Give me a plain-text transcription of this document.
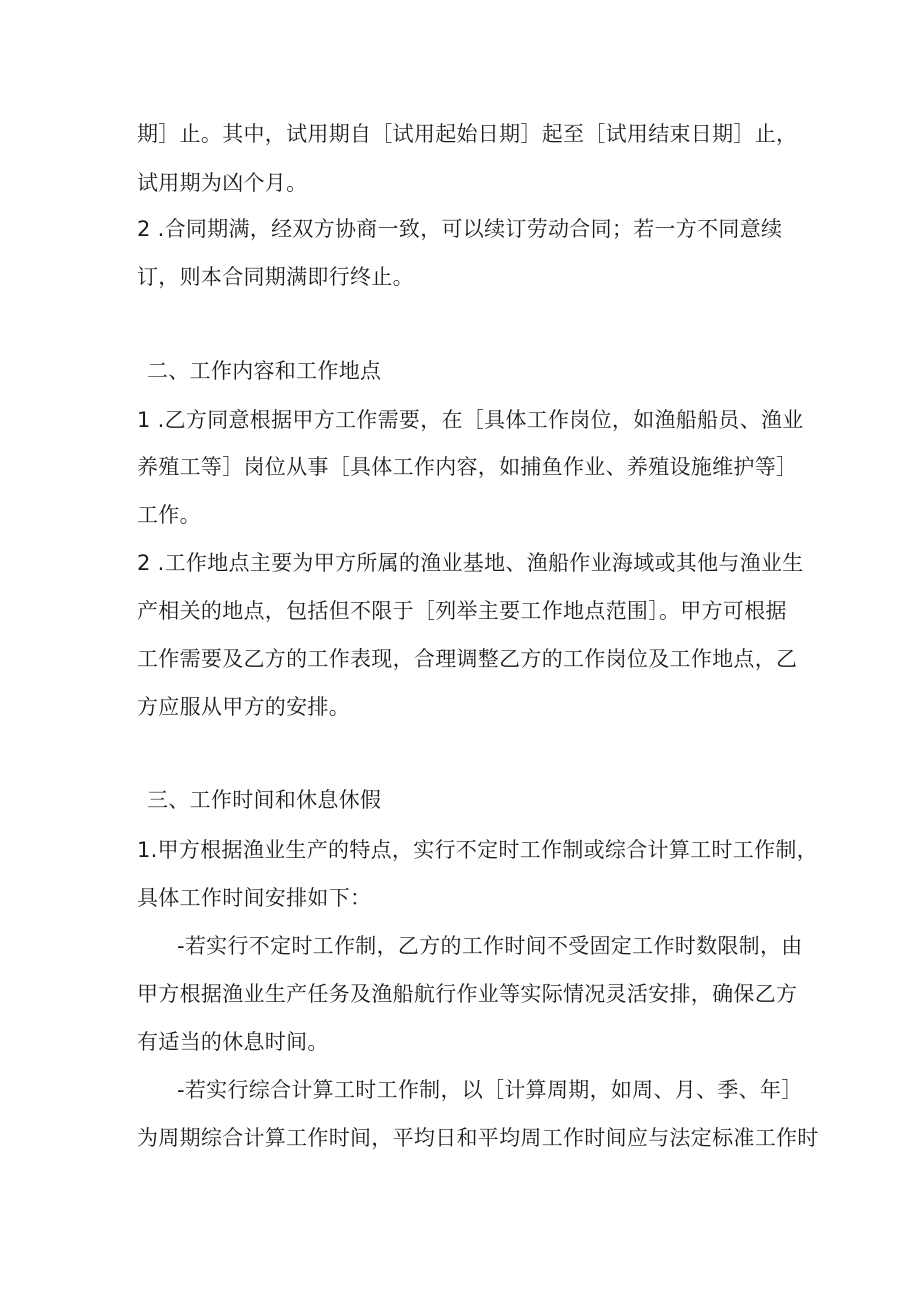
期］止。其中，试用期自［试用起始日期］起至［试用结束日期］止，
试用期为凶个月。
2 .合同期满，经双方协商一致，可以续订劳动合同；若一方不同意续
订，则本合同期满即行终止。
二、工作内容和工作地点
1 .乙方同意根据甲方工作需要，在［具体工作岗位，如渔船船员、渔业
养殖工等］岗位从事［具体工作内容，如捕鱼作业、养殖设施维护等］
工作。
2 .工作地点主要为甲方所属的渔业基地、渔船作业海域或其他与渔业生
产相关的地点，包括但不限于［列举主要工作地点范围］。甲方可根据
工作需要及乙方的工作表现，合理调整乙方的工作岗位及工作地点，乙
方应服从甲方的安排。
三、工作时间和休息休假
1.甲方根据渔业生产的特点，实行不定时工作制或综合计算工时工作制，
具体工作时间安排如下：
-若实行不定时工作制，乙方的工作时间不受固定工作时数限制，由
甲方根据渔业生产任务及渔船航行作业等实际情况灵活安排，确保乙方
有适当的休息时间。
-若实行综合计算工时工作制，以［计算周期，如周、月、季、年］
为周期综合计算工作时间，平均日和平均周工作时间应与法定标准工作时
